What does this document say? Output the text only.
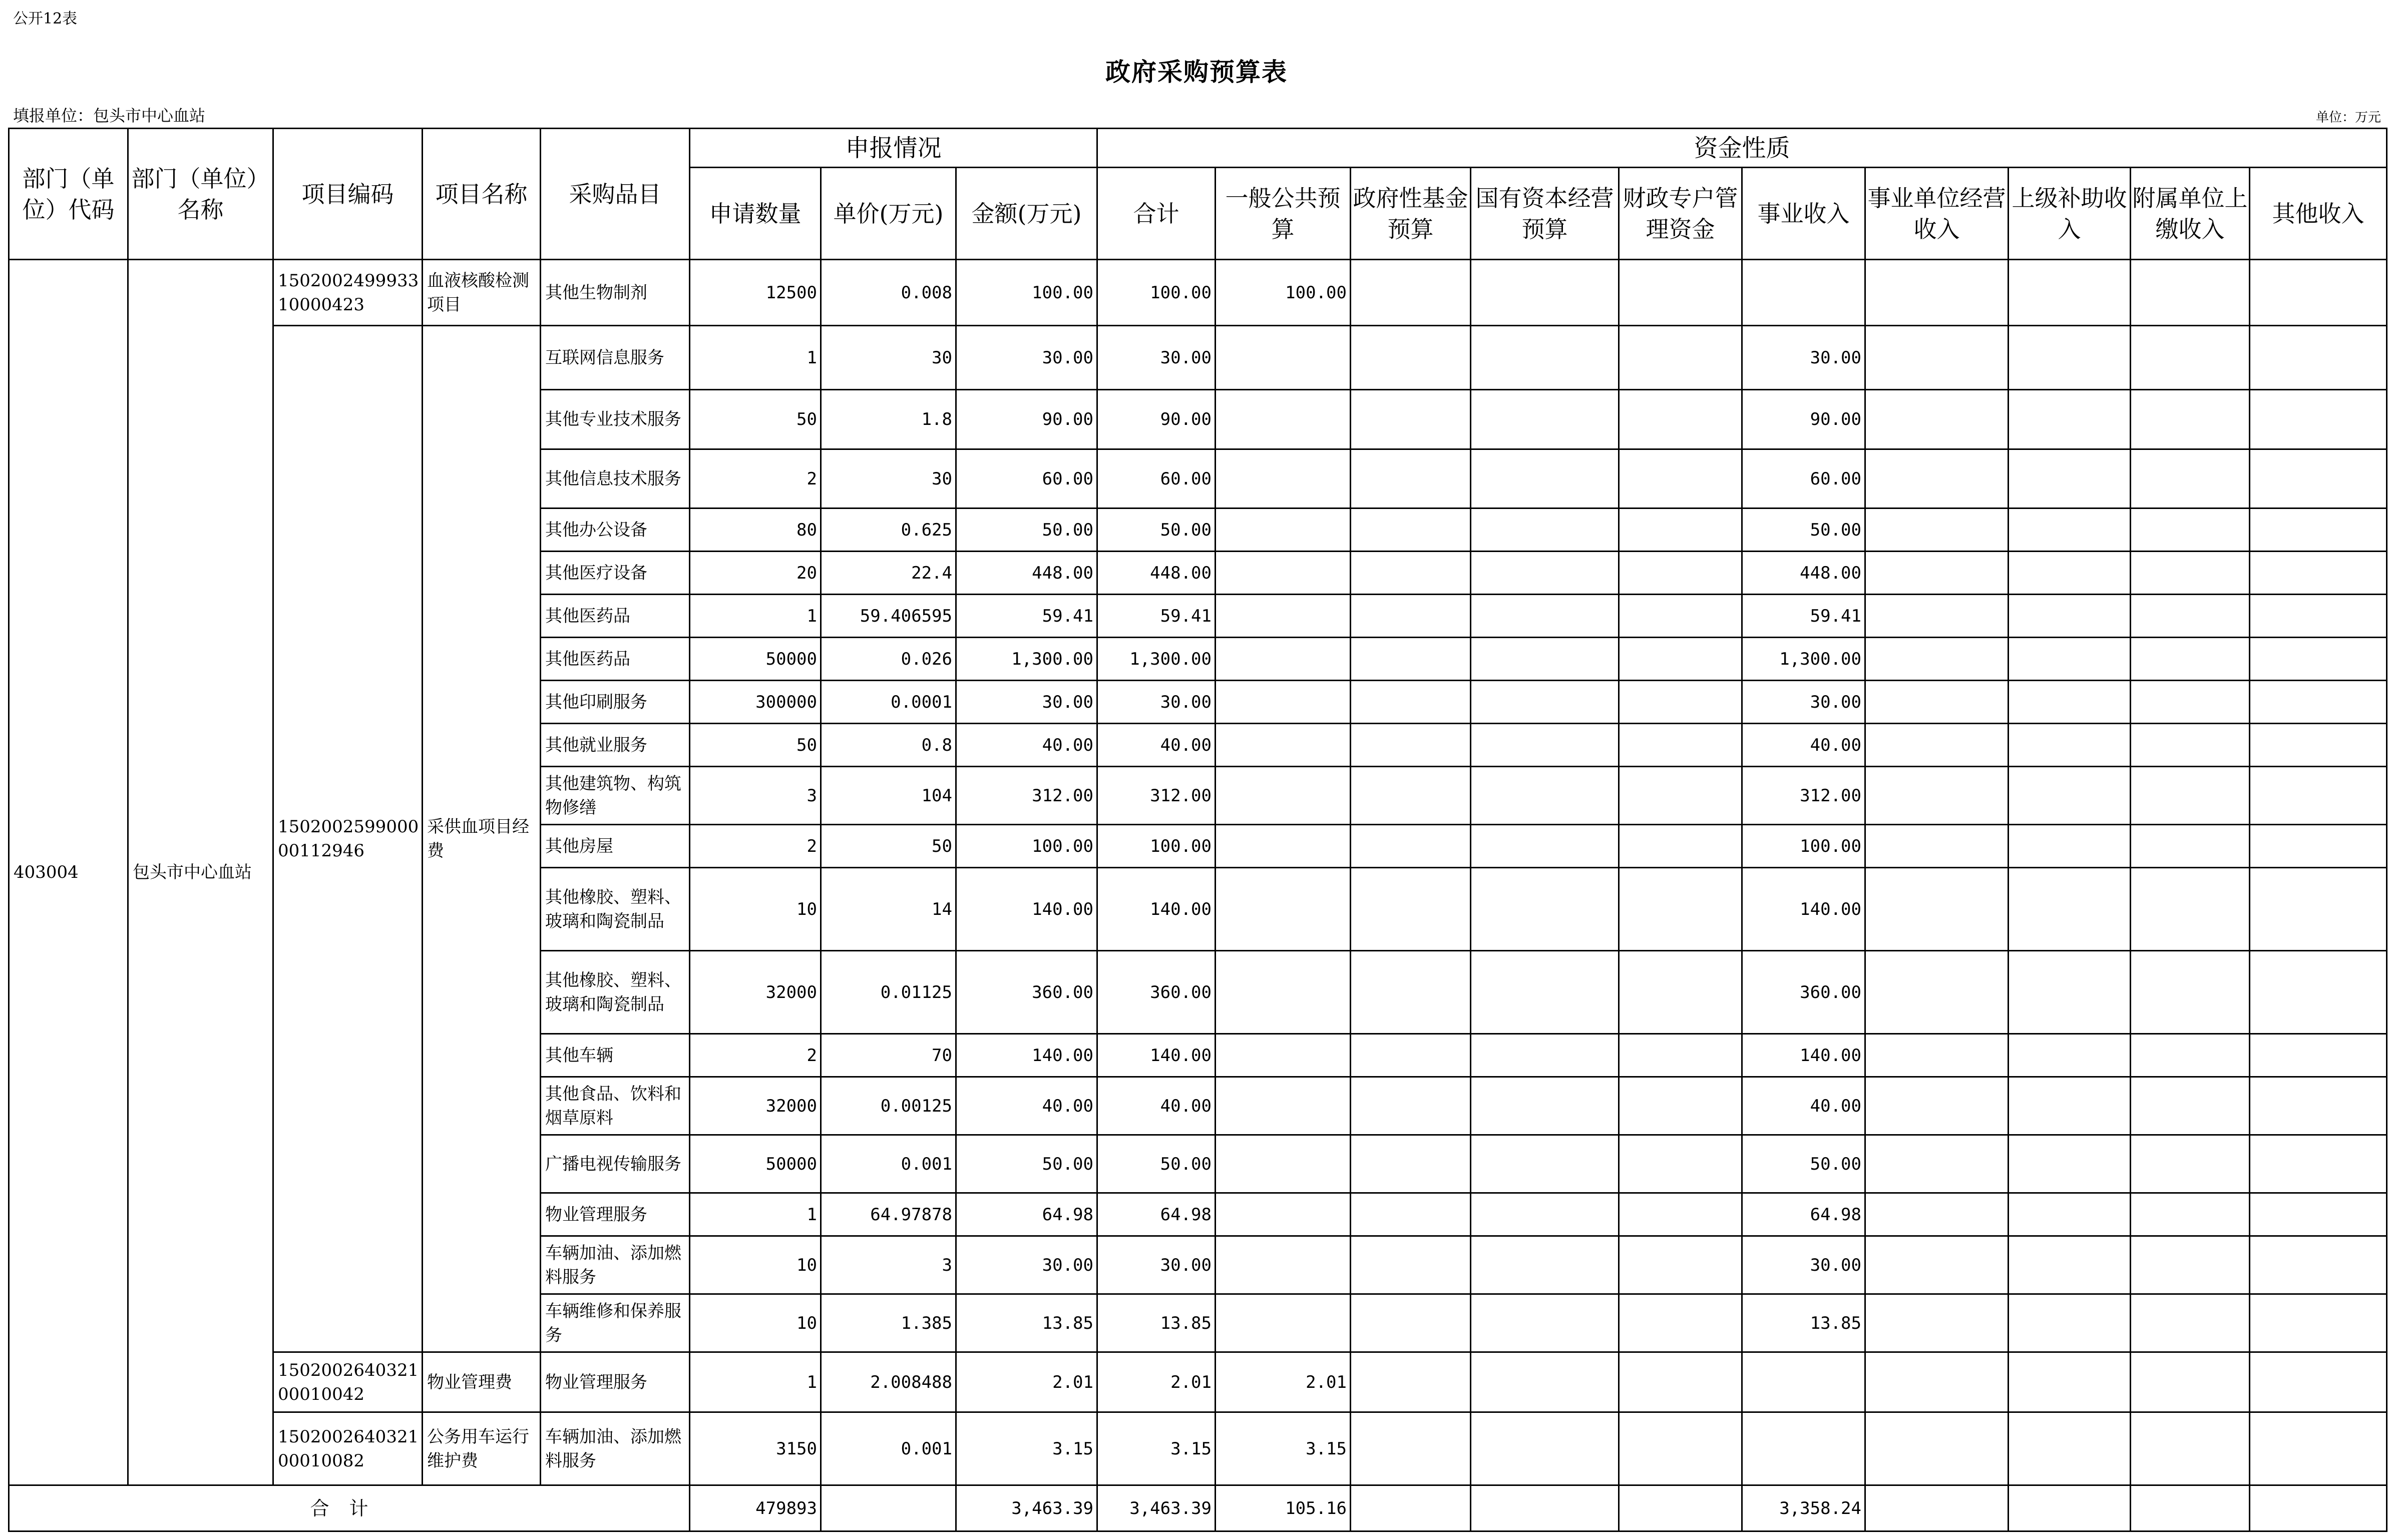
公开12表
政府采购预算表
填报单位：包头市中心血站	单位：万元
部门（单位）代码	部门（单位）名称	项目编码	项目名称	采购品目	申报情况			资金性质									
					申请数量	单价(万元)	金额(万元)	合计	一般公共预算	政府性基金预算	国有资本经营预算	财政专户管理资金	事业收入	事业单位经营收入	上级补助收入	附属单位上缴收入	其他收入
403004	包头市中心血站	150200249993310000423	血液核酸检测项目	其他生物制剂	12500	0.008	100.00	100.00	100.00								
		150200259900000112946	采供血项目经费	互联网信息服务	1	30	30.00	30.00					30.00				
				其他专业技术服务	50	1.8	90.00	90.00					90.00				
				其他信息技术服务	2	30	60.00	60.00					60.00				
				其他办公设备	80	0.625	50.00	50.00					50.00				
				其他医疗设备	20	22.4	448.00	448.00					448.00				
				其他医药品	1	59.406595	59.41	59.41					59.41				
				其他医药品	50000	0.026	1,300.00	1,300.00					1,300.00				
				其他印刷服务	300000	0.0001	30.00	30.00					30.00				
				其他就业服务	50	0.8	40.00	40.00					40.00				
				其他建筑物、构筑物修缮	3	104	312.00	312.00					312.00				
				其他房屋	2	50	100.00	100.00					100.00				
				其他橡胶、塑料、玻璃和陶瓷制品	10	14	140.00	140.00					140.00				
				其他橡胶、塑料、玻璃和陶瓷制品	32000	0.01125	360.00	360.00					360.00				
				其他车辆	2	70	140.00	140.00					140.00				
				其他食品、饮料和烟草原料	32000	0.00125	40.00	40.00					40.00				
				广播电视传输服务	50000	0.001	50.00	50.00					50.00				
				物业管理服务	1	64.97878	64.98	64.98					64.98				
				车辆加油、添加燃料服务	10	3	30.00	30.00					30.00				
				车辆维修和保养服务	10	1.385	13.85	13.85					13.85				
		150200264032100010042	物业管理费	物业管理服务	1	2.008488	2.01	2.01	2.01								
		150200264032100010082	公务用车运行维护费	车辆加油、添加燃料服务	3150	0.001	3.15	3.15	3.15								
合计					479893		3,463.39	3,463.39	105.16				3,358.24				
